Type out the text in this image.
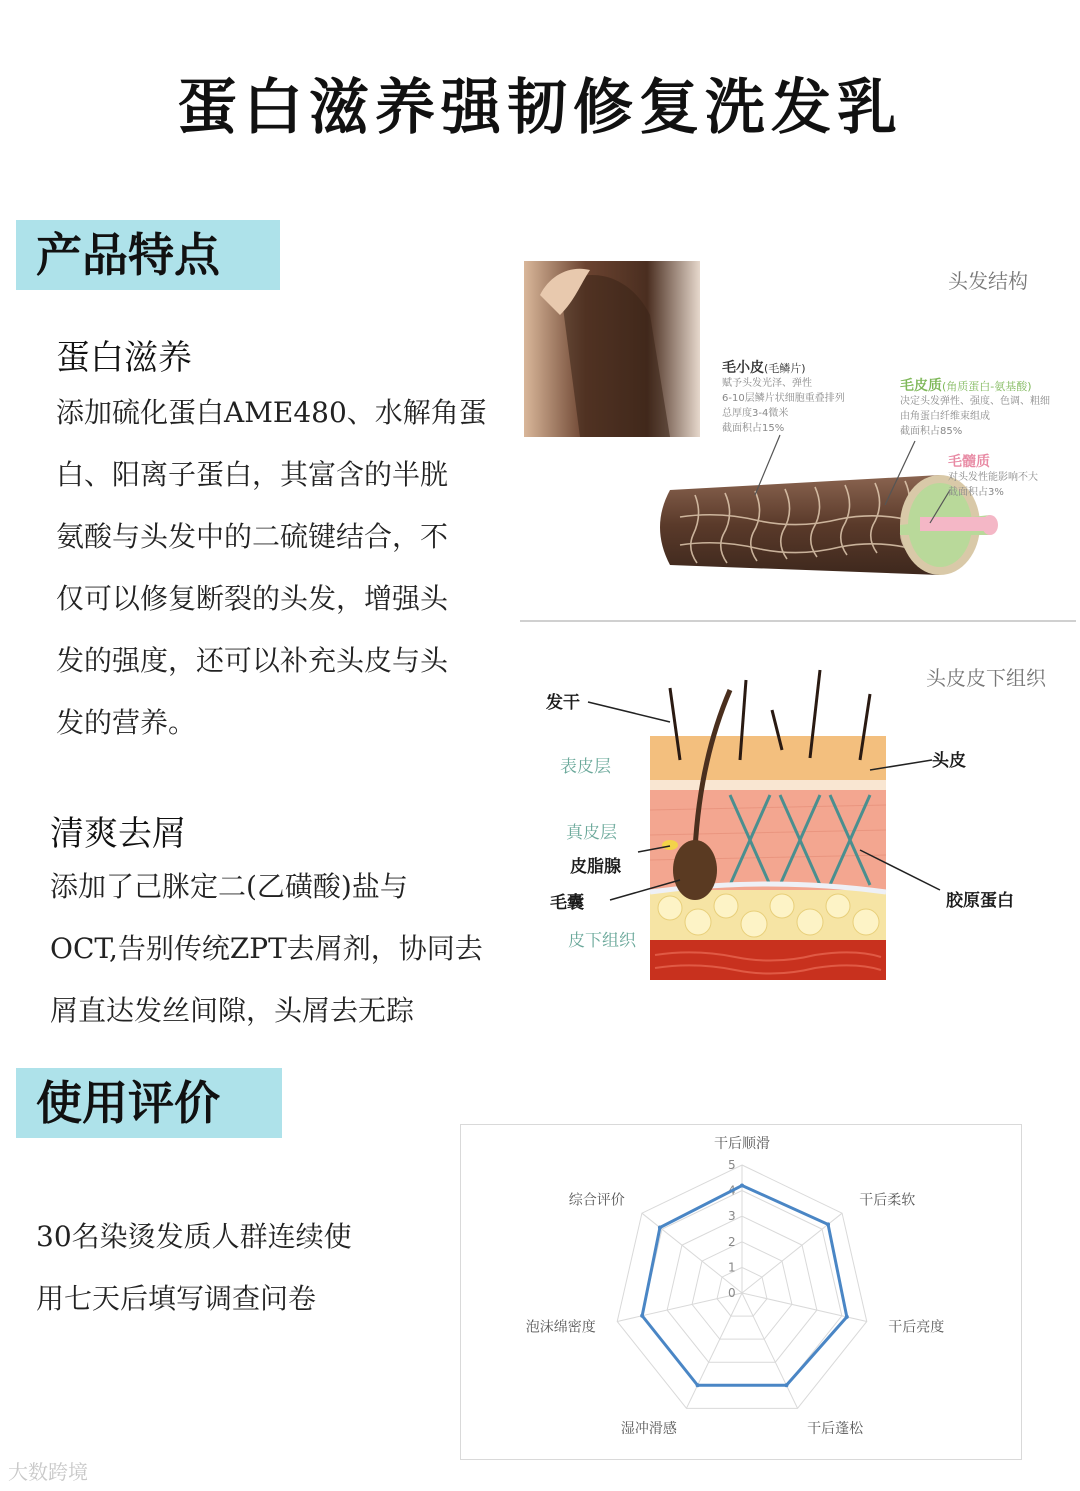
蛋白滋养强韧修复洗发乳
产品特点
蛋白滋养
添加硫化蛋白AME480、水解角蛋
白、阳离子蛋白，其富含的半胱
氨酸与头发中的二硫键结合，不
仅可以修复断裂的头发，增强头
发的强度，还可以补充头皮与头
发的营养。
清爽去屑
添加了己脒定二(乙磺酸)盐与
OCT,告别传统ZPT去屑剂，协同去
屑直达发丝间隙，头屑去无踪
头发结构
毛小皮(毛鳞片)
赋予头发光泽、弹性
6-10层鳞片状细胞重叠排列
总厚度3-4微米
截面积占15%
毛皮质(角质蛋白-氨基酸)
决定头发弹性、强度、色调、粗细
由角蛋白纤维束组成
截面积占85%
毛髓质
对头发性能影响不大
截面积占3%
头皮皮下组织
发干
表皮层
真皮层
皮脂腺
毛囊
皮下组织
头皮
胶原蛋白
使用评价
30名染烫发质人群连续使
用七天后填写调查问卷	0
1
2
3
4
5
干后顺滑
干后柔软
干后亮度
干后蓬松
湿冲滑感
泡沫绵密度
综合评价
大数跨境
